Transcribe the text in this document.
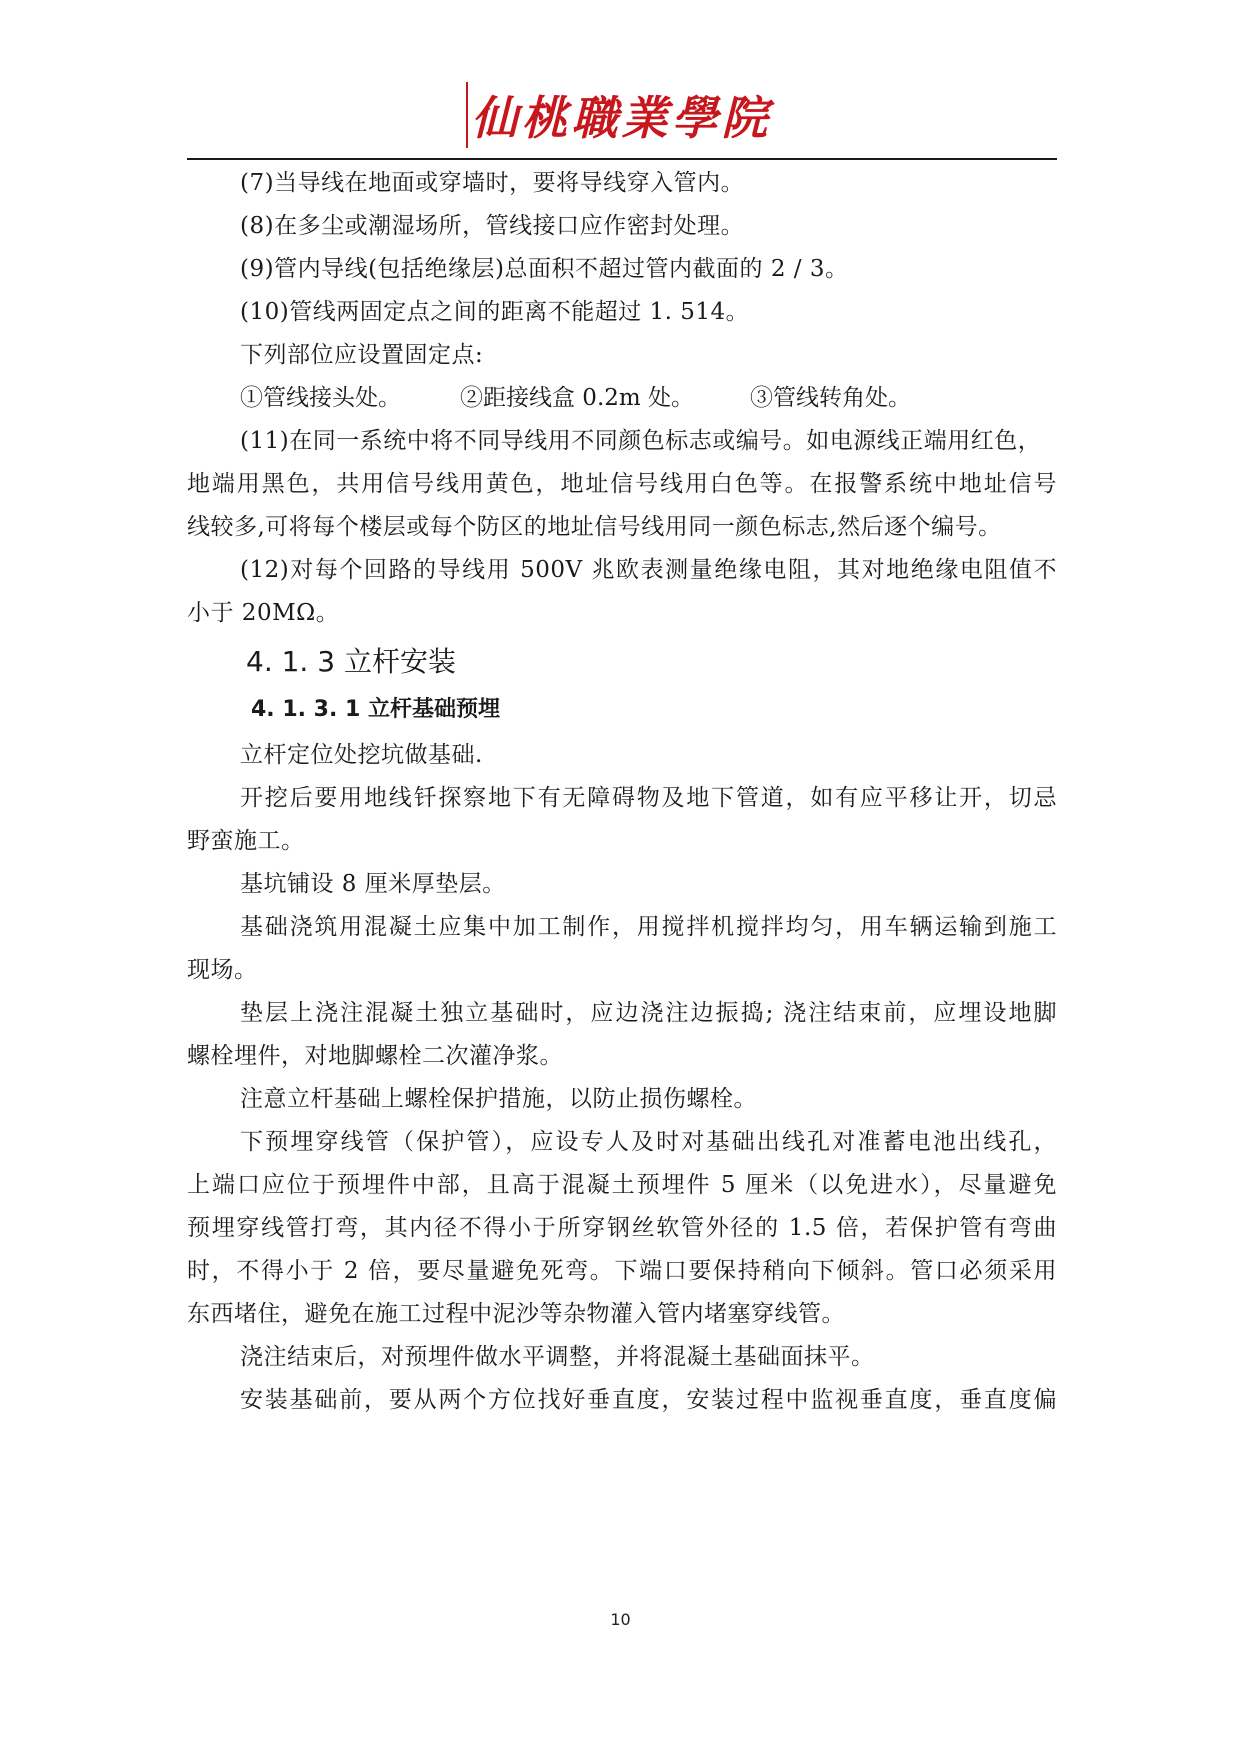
仙桃職業學院
(7)当导线在地面或穿墙时，要将导线穿入管内。
(8)在多尘或潮湿场所，管线接口应作密封处理。
(9)管内导线(包括绝缘层)总面积不超过管内截面的 2 / 3。
(10)管线两固定点之间的距离不能超过 1. 514。
下列部位应设置固定点:
①管线接头处。	②距接线盒 0.2m 处。 ③管线转角处。
(11)在同一系统中将不同导线用不同颜色标志或编号。如电源线正端用红色，
地端用黑色，共用信号线用黄色，地址信号线用白色等。在报警系统中地址信号
线较多,可将每个楼层或每个防区的地址信号线用同一颜色标志,然后逐个编号。
(12)对每个回路的导线用 500V 兆欧表测量绝缘电阻，其对地绝缘电阻值不
小于 20MΩ。
4. 1. 3 立杆安装
4. 1. 3. 1 立杆基础预埋
立杆定位处挖坑做基础.
开挖后要用地线钎探察地下有无障碍物及地下管道，如有应平移让开，切忌
野蛮施工。
基坑铺设 8 厘米厚垫层。
基础浇筑用混凝土应集中加工制作，用搅拌机搅拌均匀，用车辆运输到施工
现场。
垫层上浇注混凝土独立基础时，应边浇注边振捣; 浇注结束前，应埋设地脚
螺栓埋件，对地脚螺栓二次灌净浆。
注意立杆基础上螺栓保护措施，以防止损伤螺栓。
下预埋穿线管（保护管），应设专人及时对基础出线孔对准蓄电池出线孔，
上端口应位于预埋件中部，且高于混凝土预埋件 5 厘米（以免进水），尽量避免
预埋穿线管打弯，其内径不得小于所穿钢丝软管外径的 1.5 倍，若保护管有弯曲
时，不得小于 2 倍，要尽量避免死弯。下端口要保持稍向下倾斜。管口必须采用
东西堵住，避免在施工过程中泥沙等杂物灌入管内堵塞穿线管。
浇注结束后，对预埋件做水平调整，并将混凝土基础面抹平。
安装基础前，要从两个方位找好垂直度，安装过程中监视垂直度，垂直度偏
10
